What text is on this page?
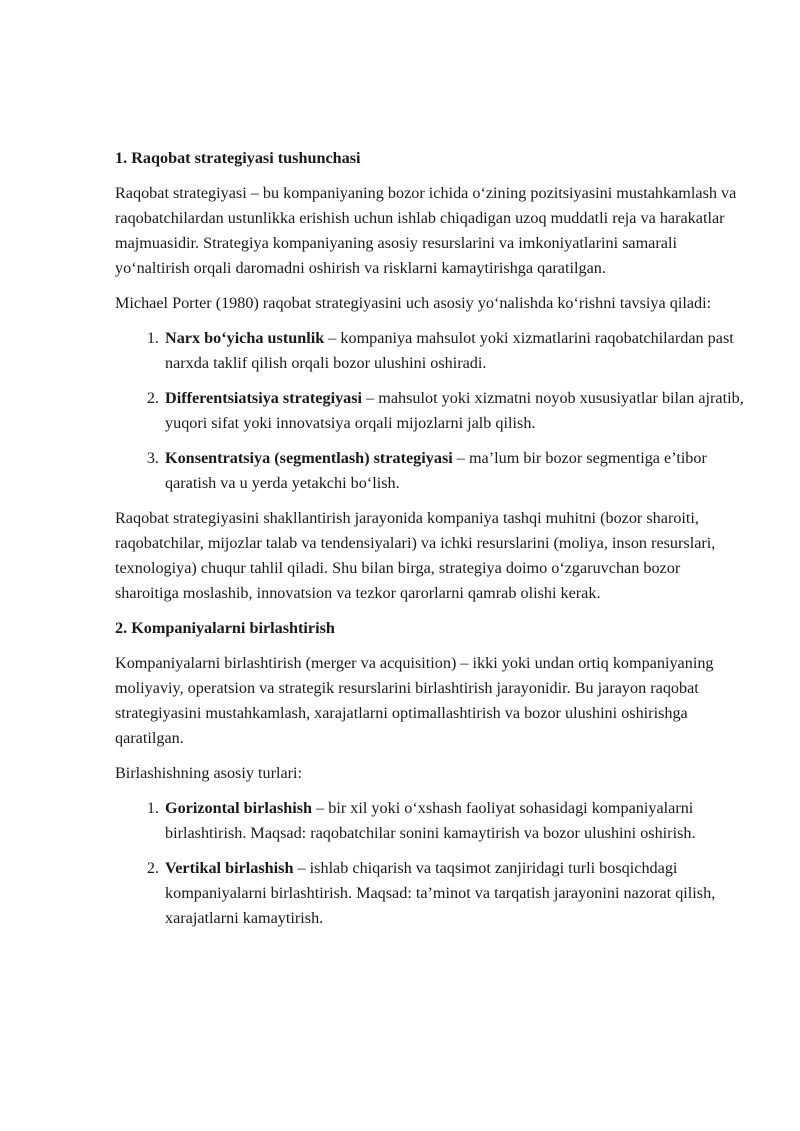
1. Raqobat strategiyasi tushunchasi

Raqobat strategiyasi – bu kompaniyaning bozor ichida o‘zining pozitsiyasini mustahkamlash va raqobatchilardan ustunlikka erishish uchun ishlab chiqadigan uzoq muddatli reja va harakatlar majmuasidir. Strategiya kompaniyaning asosiy resurslarini va imkoniyatlarini samarali yo‘naltirish orqali daromadni oshirish va risklarni kamaytirishga qaratilgan.

Michael Porter (1980) raqobat strategiyasini uch asosiy yo‘nalishda ko‘rishni tavsiya qiladi:

1. Narx bo‘yicha ustunlik – kompaniya mahsulot yoki xizmatlarini raqobatchilardan past narxda taklif qilish orqali bozor ulushini oshiradi.
2. Differentsiatsiya strategiyasi – mahsulot yoki xizmatni noyob xususiyatlar bilan ajratib, yuqori sifat yoki innovatsiya orqali mijozlarni jalb qilish.
3. Konsentratsiya (segmentlash) strategiyasi – ma’lum bir bozor segmentiga e’tibor qaratish va u yerda yetakchi bo‘lish.

Raqobat strategiyasini shakllantirish jarayonida kompaniya tashqi muhitni (bozor sharoiti, raqobatchilar, mijozlar talab va tendensiyalari) va ichki resurslarini (moliya, inson resurslari, texnologiya) chuqur tahlil qiladi. Shu bilan birga, strategiya doimo o‘zgaruvchan bozor sharoitiga moslashib, innovatsion va tezkor qarorlarni qamrab olishi kerak.

2. Kompaniyalarni birlashtirish

Kompaniyalarni birlashtirish (merger va acquisition) – ikki yoki undan ortiq kompaniyaning moliyaviy, operatsion va strategik resurslarini birlashtirish jarayonidir. Bu jarayon raqobat strategiyasini mustahkamlash, xarajatlarni optimallashtirish va bozor ulushini oshirishga qaratilgan.

Birlashishning asosiy turlari:

1. Gorizontal birlashish – bir xil yoki o‘xshash faoliyat sohasidagi kompaniyalarni birlashtirish. Maqsad: raqobatchilar sonini kamaytirish va bozor ulushini oshirish.
2. Vertikal birlashish – ishlab chiqarish va taqsimot zanjiridagi turli bosqichdagi kompaniyalarni birlashtirish. Maqsad: ta’minot va tarqatish jarayonini nazorat qilish, xarajatlarni kamaytirish.
